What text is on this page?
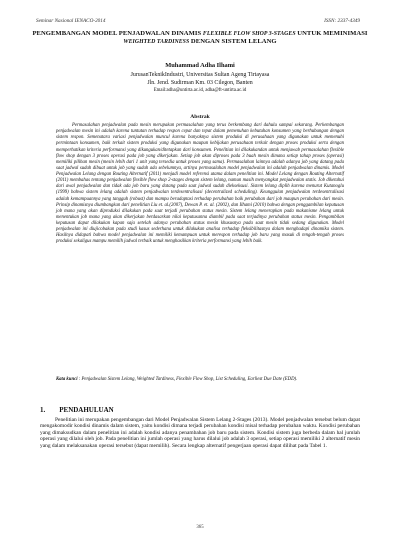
Seminar Nasional IENACO-2014	ISSN: 2337-4349
PENGEMBANGAN MODEL PENJADWALAN DINAMIS FLEXIBLE FLOW SHOP 3-STAGES UNTUK MEMINIMASI WEIGHTED TARDINESS DENGAN SISTEM LELANG
Muhammad Adha Ilhami
JurusanTeknikIndustri, Universitas Sultan Ageng Tirtayasa
Jln. Jend. Sudirman Km. 03 Cilegon, Banten
Email:adha@untirta.ac.id, adha@ft-untirta.ac.id
Abstrak
Permasalahan penjadwalan pada mesin merupakan permasalahan yang terus berkembang dari dahulu sampai sekarang. Perkembangan penjadwalan mesin ini adalah karena tuntutan terhadap respon cepat dan tepat dalam pemenuhan kebutuhan konsumen yang berhubungan dengan sistem respon. Semenatara variasi penjadwalan muncul karena banyaknya sistem produksi di perusahaan yang digunakan untuk memenuhi permintaan konsumen, baik terkait sistem produksi yang digunakan maupun kebijakan perusahaan terkait dengan proses produksi serta dengan memperhatikan kriteria performansi yang dikungukan/ditetapkan dari konsumen. Penelitian ini dilakukandan untuk menjawab permasalahan flexible flow shop dengan 3 proses operasi pada job yang dikerjakan. Setiap job akan diproses pada 3 buah mesin dimana setiap tahap proses (operasi) memiliki pilihan mesin (mesin lebih dari 1 unit yang tersedia untuk proses yang sama). Permasalahan lainnya adalah adanya job yang datang pada saat jadwal sudah dibuat untuk job yang sudah ada sebelumnya, artinya permasalahan model penjadwalan ini adalah penjadwalan dinamis. Model Penjadwalan Lelang dengan Routing Alternatif (2011) menjadi model referensi utama dalam penelitian ini. Model Lelang dengan Routing Alternatif (2011) membahas tentang penjadwalan flexible flow shop 2-stages dengan sistem lelang, namun masih menyangkut penjadwalan statis. Job diketahui dari awal penjadwalan dan tidak ada job baru yang datang pada saat jadwal sudah diekseksusi. Sistem lelang diplih karena menurut Kutanoglu (1999) bahwa sistem lelang adalah sistem penjadwalan terdesentralisasi (decentralized scheduling). Keunggulan penjadwalan terdesentralisasi adalah kemampuannya yang tangguh (robust) dan mampu beradaptasi terhadap perubahan baik perubahan dari job maupun perubahan dari mesin. Prinsip dinamisnya diumbangkan dari penelitian Liu et. al.(2007), Dewan P. et. al. (2002), dan Ilhami (2010) bahwa dengan penggambilan keputusan job mana yang akan diproduksi dilakukan pada saat terjadi perubahan status mesin. Sistem lelang menerapkan pada makanisme lelang untuk menentukan job mana yang akan dikerjakan berdasarkan nilai keputusanna diambil pada saat terjadinya perubahan status mesin. Pengambilan keputusan dapat dilakukan kapan saja setelah adanya perubahan status mesin khususnya pada saat mesin tidak sedang digunakan. Model penjadwalan ini diujicobakan pada studi kasus sederhana untuk dilakukan analisa terhadap fleksibilitasnya dalam menghadapi dinamika sistem. Hasilnya didapati bahwa model penjadwalan ini memiliki kemampuan untuk merespon terhadap job baru yang masuk di tengah-tengah proses produksi sekaligus mampu memilih jadwal terbaik untuk menghasilkan kriteria performansi yang lebih baik.
Kata kunci : Penjadwalan Sistem Lelang, Weighted Tardiness, Flexible Flow Shop, List Scheduling, Earliest Due Date (EDD).
1. PENDAHULUAN
Penelitian ini merupakan pengembangan dari Model Penjadwalan Sistem Lelang 2-Stages (2013). Model penjadwalan tersebut belum dapat mengakomodir kondisi dinamis dalam sistem, yaitu kondisi dimana terjadi perubahan kondisi misal terhadap perubahan waktu. Kondisi perubahan yang dimaksudkan dalam penelitian ini adalah kondisi adanya penambahan job baru pada sistem. Kondisi sistem juga berbeda dalam hal jumlah operasi yang dilalui oleh job. Pada penelitian ini jumlah operasi yang harus dilalui job adalah 3 operasi, setiap operasi memiliki 2 alternatif mesin yang dalam melaksanakan operasi tersebut (dapat memilih). Secara lengkap alternatif pengerjaan operasi dapat dilihat pada Tabel 1.
365
